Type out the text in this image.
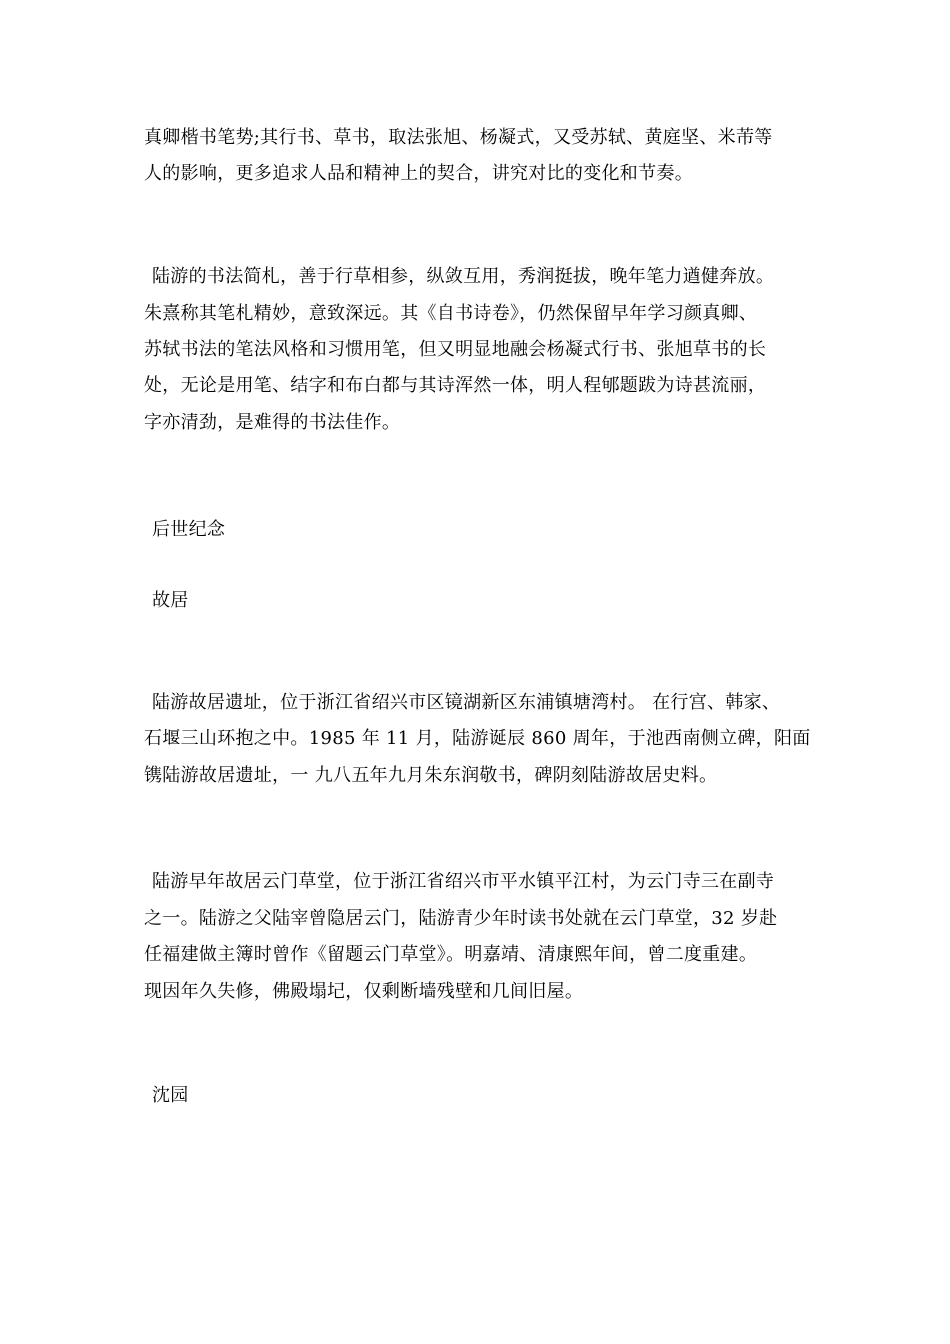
真卿楷书笔势;其行书、草书，取法张旭、杨凝式，又受苏轼、黄庭坚、米芾等
人的影响，更多追求人品和精神上的契合，讲究对比的变化和节奏。
陆游的书法简札，善于行草相参，纵敛互用，秀润挺拔，晚年笔力遒健奔放。
朱熹称其笔札精妙，意致深远。其《自书诗卷》，仍然保留早年学习颜真卿、
苏轼书法的笔法风格和习惯用笔，但又明显地融会杨凝式行书、张旭草书的长
处，无论是用笔、结字和布白都与其诗浑然一体，明人程郇题跋为诗甚流丽，
字亦清劲，是难得的书法佳作。
后世纪念
故居
陆游故居遗址，位于浙江省绍兴市区镜湖新区东浦镇塘湾村。 在行宫、韩家、
石堰三山环抱之中。1985 年 11 月，陆游诞辰 860 周年，于池西南侧立碑，阳面
镌陆游故居遗址，一 九八五年九月朱东润敬书，碑阴刻陆游故居史料。
陆游早年故居云门草堂，位于浙江省绍兴市平水镇平江村，为云门寺三在副寺
之一。陆游之父陆宰曾隐居云门，陆游青少年时读书处就在云门草堂，32 岁赴
任福建做主簿时曾作《留题云门草堂》。明嘉靖、清康熙年间，曾二度重建。
现因年久失修，佛殿塌圮，仅剩断墙残壁和几间旧屋。
沈园
